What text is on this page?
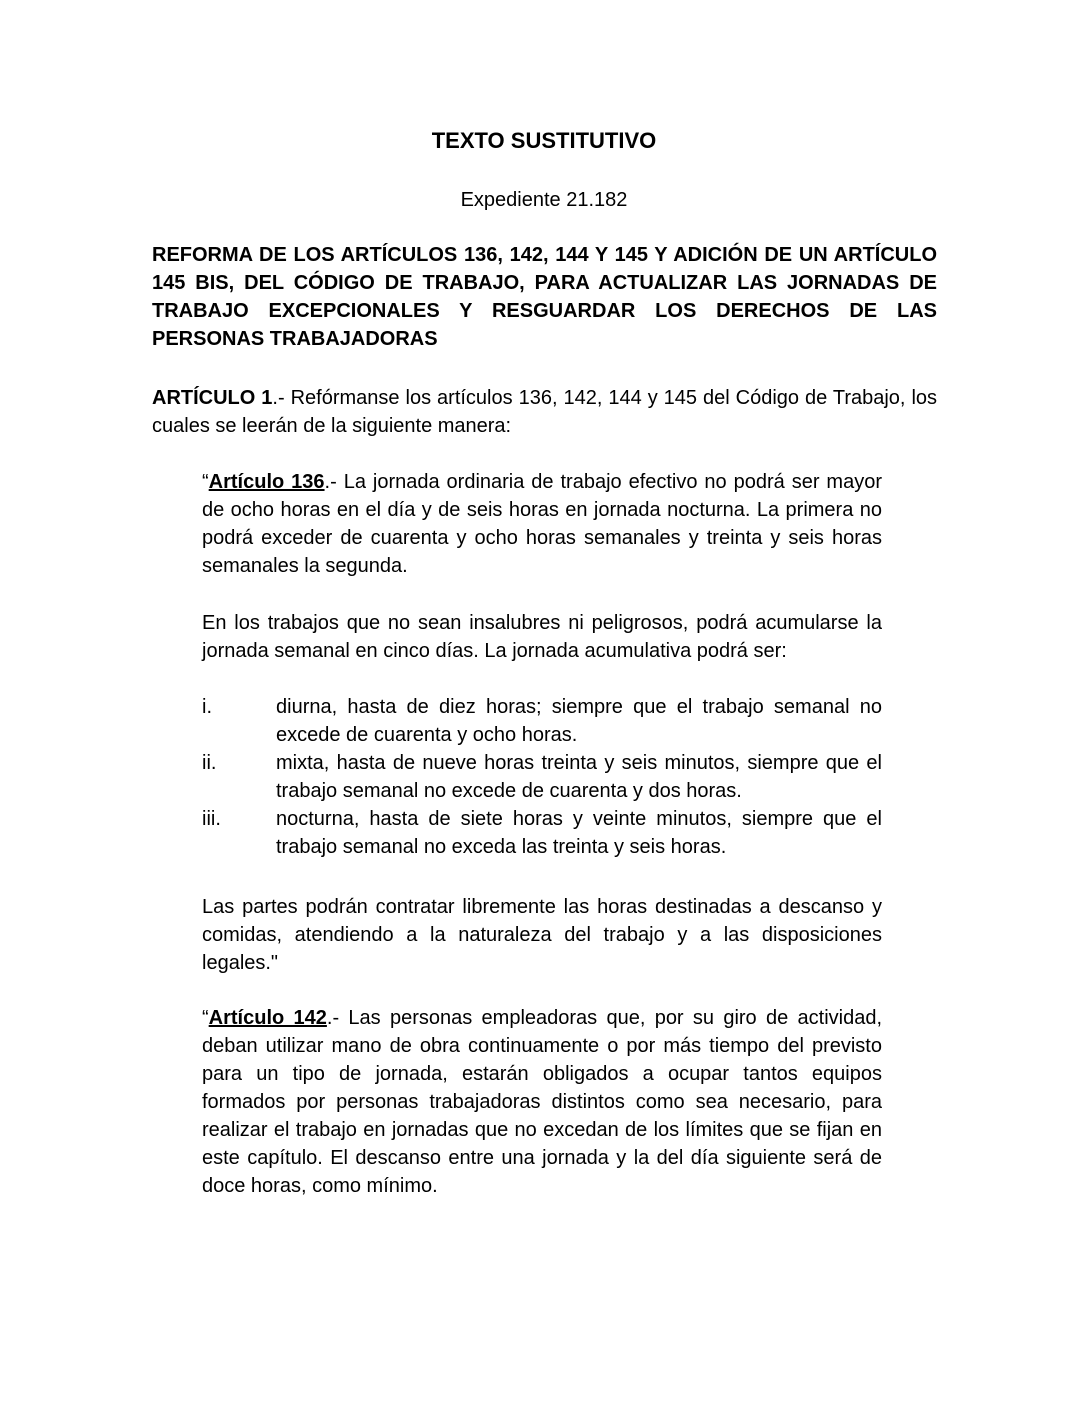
TEXTO SUSTITUTIVO

Expediente 21.182

REFORMA DE LOS ARTÍCULOS 136, 142, 144 Y 145 Y ADICIÓN DE UN ARTÍCULO 145 BIS, DEL CÓDIGO DE TRABAJO, PARA ACTUALIZAR LAS JORNADAS DE TRABAJO EXCEPCIONALES Y RESGUARDAR LOS DERECHOS DE LAS PERSONAS TRABAJADORAS

ARTÍCULO 1.- Refórmanse los artículos 136, 142, 144 y 145 del Código de Trabajo, los cuales se leerán de la siguiente manera:

“Artículo 136.- La jornada ordinaria de trabajo efectivo no podrá ser mayor de ocho horas en el día y de seis horas en jornada nocturna. La primera no podrá exceder de cuarenta y ocho horas semanales y treinta y seis horas semanales la segunda.

En los trabajos que no sean insalubres ni peligrosos, podrá acumularse la jornada semanal en cinco días. La jornada acumulativa podrá ser:

i.	diurna, hasta de diez horas; siempre que el trabajo semanal no excede de cuarenta y ocho horas.
ii.	mixta, hasta de nueve horas treinta y seis minutos, siempre que el trabajo semanal no excede de cuarenta y dos horas.
iii.	nocturna, hasta de siete horas y veinte minutos, siempre que el trabajo semanal no exceda las treinta y seis horas.

Las partes podrán contratar libremente las horas destinadas a descanso y comidas, atendiendo a la naturaleza del trabajo y a las disposiciones legales."

“Artículo 142.- Las personas empleadoras que, por su giro de actividad, deban utilizar mano de obra continuamente o por más tiempo del previsto para un tipo de jornada, estarán obligados a ocupar tantos equipos formados por personas trabajadoras distintos como sea necesario, para realizar el trabajo en jornadas que no excedan de los límites que se fijan en este capítulo. El descanso entre una jornada y la del día siguiente será de doce horas, como mínimo.
